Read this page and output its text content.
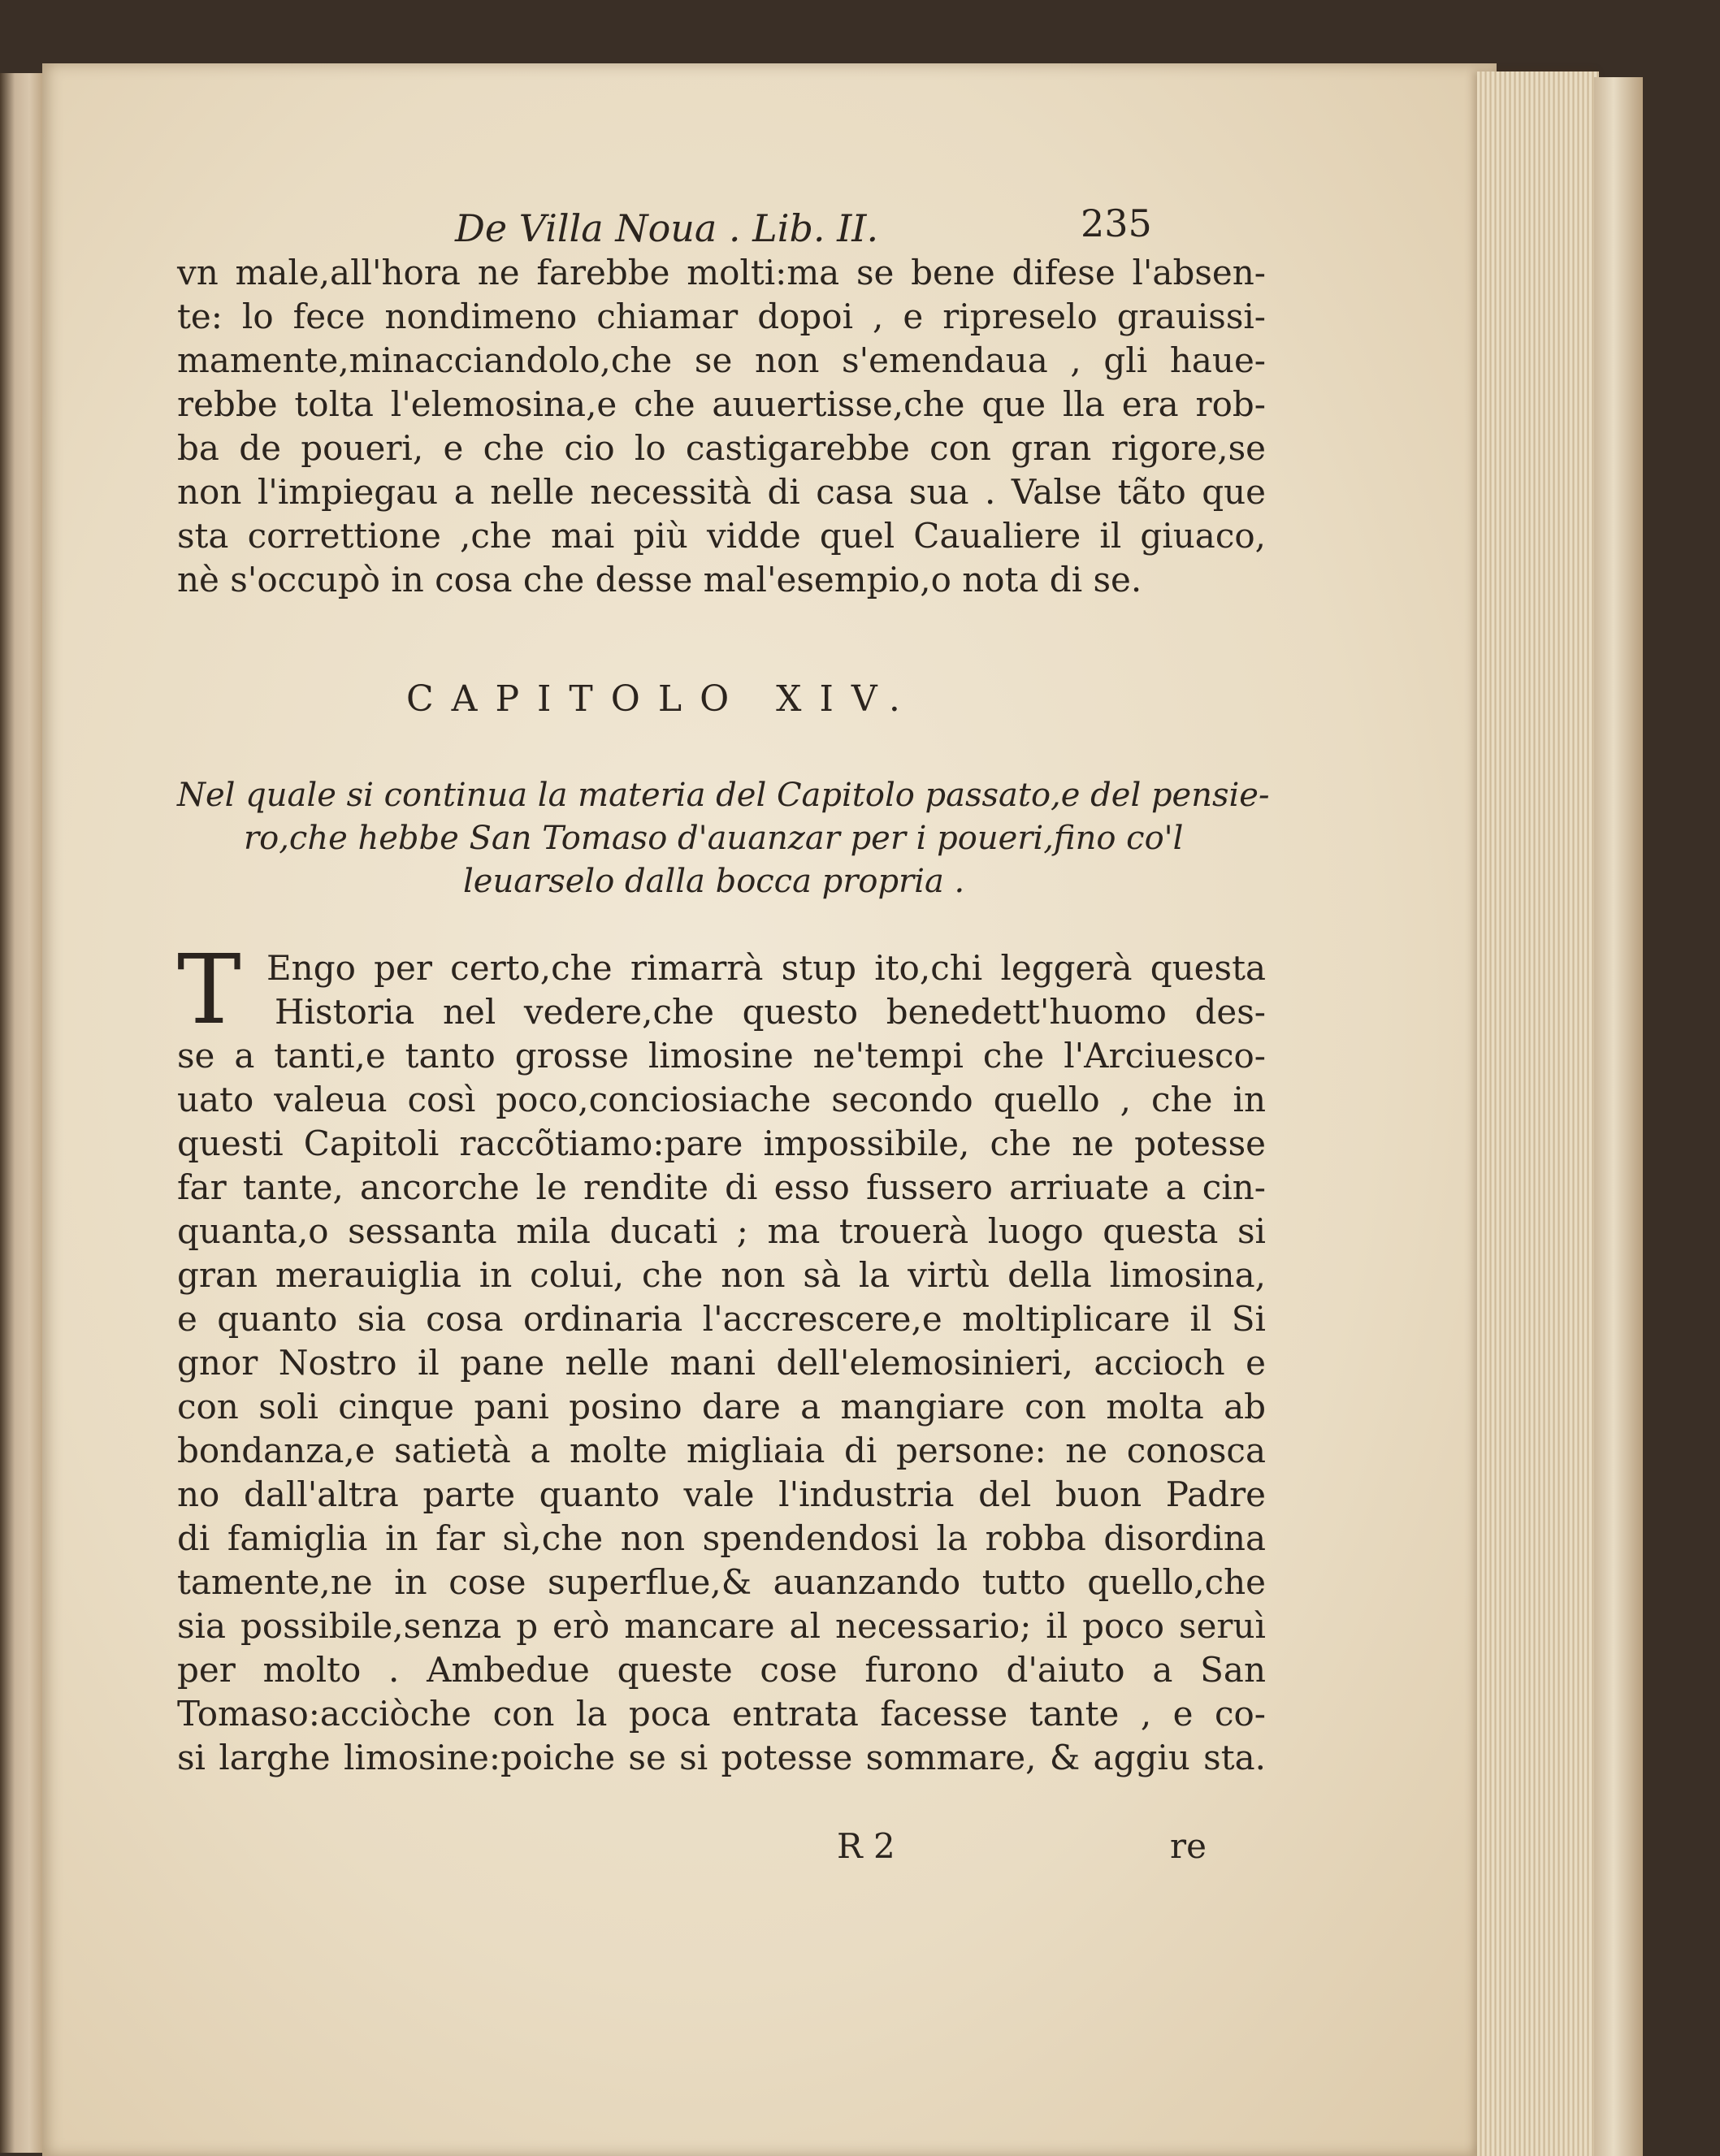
De Villa Noua . Lib. II.	235
vn male,all'hora ne farebbe molti:ma se bene difese l'absen-
te: lo fece nondimeno chiamar dopoi , e ripreselo grauissi-
mamente,minacciandolo,che se non s'emendaua , gli haue-
rebbe tolta l'elemosina,e che auuertisse,che que lla era rob-
ba de poueri, e che cio lo castigarebbe con gran rigore,se
non l'impiegau a nelle necessità di casa sua . Valse tãto que
sta correttione ,che mai più vidde quel Caualiere il giuaco,
nè s'occupò in cosa che desse mal'esempio,o nota di se.
CAPITOLO XIV.
Nel quale si continua la materia del Capitolo passato,e del pensie-
ro,che hebbe San Tomaso d'auanzar per i poueri,fino co'l
leuarselo dalla bocca propria .
T Engo per certo,che rimarrà stup ito,chi leggerà questa
Historia nel vedere,che questo benedett'huomo des-
se a tanti,e tanto grosse limosine ne'tempi che l'Arciuesco-
uato valeua così poco,conciosiache secondo quello , che in
questi Capitoli raccõtiamo:pare impossibile, che ne potesse
far tante, ancorche le rendite di esso fussero arriuate a cin-
quanta,o sessanta mila ducati ; ma trouerà luogo questa si
gran merauiglia in colui, che non sà la virtù della limosina,
e quanto sia cosa ordinaria l'accrescere,e moltiplicare il Si
gnor Nostro il pane nelle mani dell'elemosinieri, accioch e
con soli cinque pani posino dare a mangiare con molta ab
bondanza,e satietà a molte migliaia di persone: ne conosca
no dall'altra parte quanto vale l'industria del buon Padre
di famiglia in far sì,che non spendendosi la robba disordina
tamente,ne in cose superflue,& auanzando tutto quello,che
sia possibile,senza p erò mancare al necessario; il poco seruì
per molto . Ambedue queste cose furono d'aiuto a San
Tomaso:acciòche con la poca entrata facesse tante , e co-
si larghe limosine:poiche se si potesse sommare, & aggiu sta.
R 2	re
